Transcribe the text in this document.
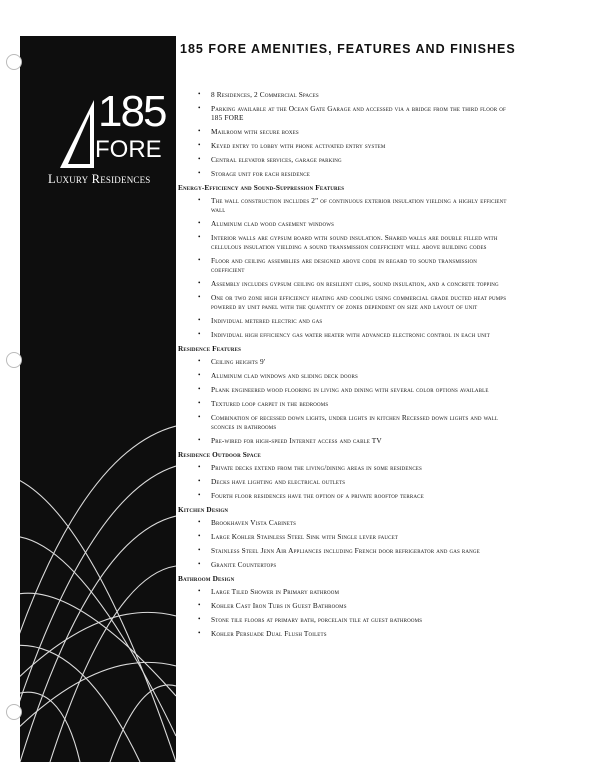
185
FORE
Luxury Residences
185 FORE AMENITIES, FEATURES AND FINISHES
• 8 Residences, 2 Commercial Spaces
• Parking available at the Ocean Gate Garage and accessed via a bridge from the third floor of 185 FORE
• Mailroom with secure boxes
• Keyed entry to lobby with phone activated entry system
• Central elevator services, garage parking
• Storage unit for each residence
Energy-Efficiency and Sound-Suppression Features
• The wall construction includes 2" of continuous exterior insulation yielding a highly efficient wall
• Aluminum clad wood casement windows
• Interior walls are gypsum board with sound insulation. Shared walls are double filled with cellulous insulation yielding a sound transmission coefficient well above building codes
• Floor and ceiling assemblies are designed above code in regard to sound transmission coefficient
• Assembly includes gypsum ceiling on resilient clips, sound insulation, and a concrete topping
• One or two zone high efficiency heating and cooling using commercial grade ducted heat pumps powered by unit panel with the quantity of zones dependent on size and layout of unit
• Individual metered electric and gas
• Individual high efficiency gas water heater with advanced electronic control in each unit
Residence Features
• Ceiling heights 9'
• Aluminum clad windows and sliding deck doors
• Plank engineered wood flooring in living and dining with several color options available
• Textured loop carpet in the bedrooms
• Combination of recessed down lights, under lights in kitchen Recessed down lights and wall sconces in bathrooms
• Pre-wired for high-speed Internet access and cable TV
Residence Outdoor Space
• Private decks extend from the living/dining areas in some residences
• Decks have lighting and electrical outlets
• Fourth floor residences have the option of a private rooftop terrace
Kitchen Design
• Brookhaven Vista Cabinets
• Large Kohler Stainless Steel Sink with Single lever faucet
• Stainless Steel Jenn Air Appliances including French door refrigerator and gas range
• Granite Countertops
Bathroom Design
• Large Tiled Shower in Primary bathroom
• Kohler Cast Iron Tubs in Guest Bathrooms
• Stone tile floors at primary bath, porcelain tile at guest bathrooms
• Kohler Persuade Dual Flush Toilets
